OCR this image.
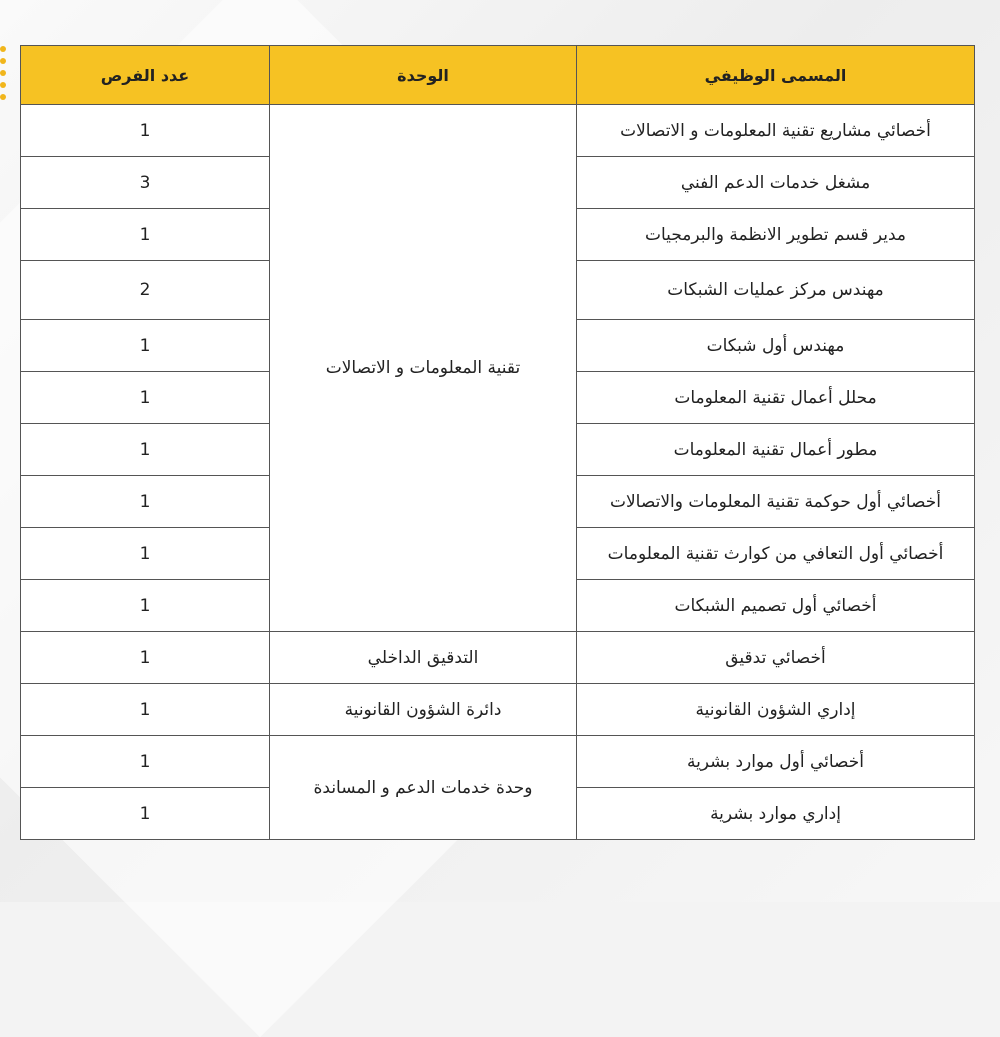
المسمى الوظيفي	الوحدة	عدد الفرص
أخصائي مشاريع تقنية المعلومات و الاتصالات	تقنية المعلومات و الاتصالات	1
مشغل خدمات الدعم الفني		3
مدير قسم تطوير الانظمة والبرمجيات		1
مهندس مركز عمليات الشبكات		2
مهندس أول شبكات		1
محلل أعمال تقنية المعلومات		1
مطور أعمال تقنية المعلومات		1
أخصائي أول حوكمة تقنية المعلومات والاتصالات		1
أخصائي أول التعافي من كوارث تقنية المعلومات		1
أخصائي أول تصميم الشبكات		1
أخصائي تدقيق	التدقيق الداخلي	1
إداري الشؤون القانونية	دائرة الشؤون القانونية	1
أخصائي أول موارد بشرية	وحدة خدمات الدعم و المساندة	1
إداري موارد بشرية		1
